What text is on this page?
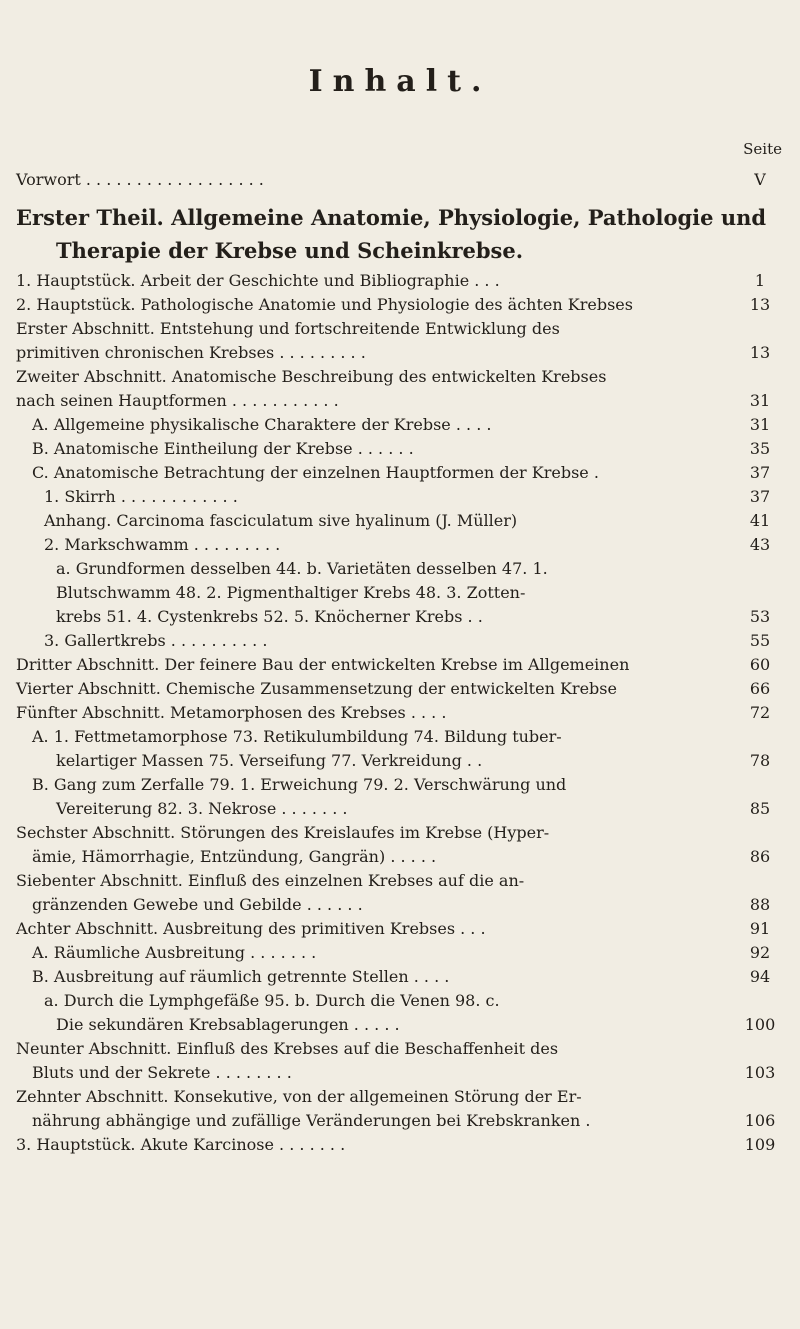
Inhalt.
Seite
Vorwort . . . . . . . . . . . . . . . . . .	V
Erster Theil. Allgemeine Anatomie, Physiologie, Pathologie und
Therapie der Krebse und Scheinkrebse.
1. Hauptstück. Arbeit der Geschichte und Bibliographie . . .	1
2. Hauptstück. Pathologische Anatomie und Physiologie des ächten Krebses	13
Erster Abschnitt. Entstehung und fortschreitende Entwicklung des
primitiven chronischen Krebses . . . . . . . . .	13
Zweiter Abschnitt. Anatomische Beschreibung des entwickelten Krebses
nach seinen Hauptformen . . . . . . . . . . .	31
A. Allgemeine physikalische Charaktere der Krebse . . . .	31
B. Anatomische Eintheilung der Krebse . . . . . .	35
C. Anatomische Betrachtung der einzelnen Hauptformen der Krebse .	37
1. Skirrh . . . . . . . . . . . .	37
Anhang. Carcinoma fasciculatum sive hyalinum (J. Müller)	41
2. Markschwamm . . . . . . . . .	43
a. Grundformen desselben 44. b. Varietäten desselben 47. 1.
Blutschwamm 48. 2. Pigmenthaltiger Krebs 48. 3. Zotten-
krebs 51. 4. Cystenkrebs 52. 5. Knöcherner Krebs . .	53
3. Gallertkrebs . . . . . . . . . .	55
Dritter Abschnitt. Der feinere Bau der entwickelten Krebse im Allgemeinen	60
Vierter Abschnitt. Chemische Zusammensetzung der entwickelten Krebse	66
Fünfter Abschnitt. Metamorphosen des Krebses . . . .	72
A. 1. Fettmetamorphose 73. Retikulumbildung 74. Bildung tuber-
kelartiger Massen 75. Verseifung 77. Verkreidung . .	78
B. Gang zum Zerfalle 79. 1. Erweichung 79. 2. Verschwärung und
Vereiterung 82. 3. Nekrose . . . . . . .	85
Sechster Abschnitt. Störungen des Kreislaufes im Krebse (Hyper-
ämie, Hämorrhagie, Entzündung, Gangrän) . . . . .	86
Siebenter Abschnitt. Einfluß des einzelnen Krebses auf die an-
gränzenden Gewebe und Gebilde . . . . . .	88
Achter Abschnitt. Ausbreitung des primitiven Krebses . . .	91
A. Räumliche Ausbreitung . . . . . . .	92
B. Ausbreitung auf räumlich getrennte Stellen . . . .	94
a. Durch die Lymphgefäße 95. b. Durch die Venen 98. c.
Die sekundären Krebsablagerungen . . . . .	100
Neunter Abschnitt. Einfluß des Krebses auf die Beschaffenheit des
Bluts und der Sekrete . . . . . . . .	103
Zehnter Abschnitt. Konsekutive, von der allgemeinen Störung der Er-
nährung abhängige und zufällige Veränderungen bei Krebskranken .	106
3. Hauptstück. Akute Karcinose . . . . . . .	109
